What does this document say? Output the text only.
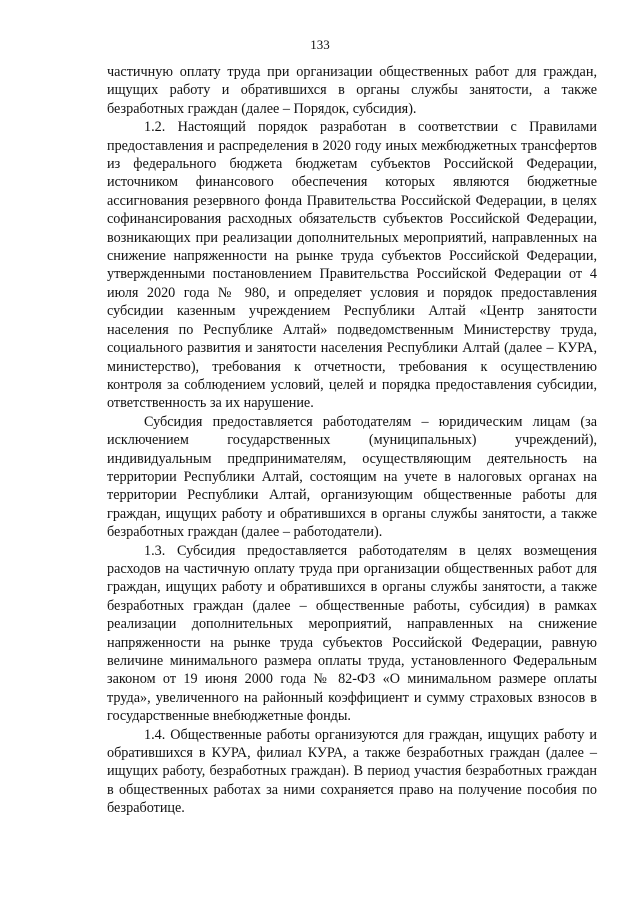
133

частичную оплату труда при организации общественных работ для граждан, ищущих работу и обратившихся в органы службы занятости, а также безработных граждан (далее – Порядок, субсидия).

1.2. Настоящий порядок разработан в соответствии с Правилами предоставления и распределения в 2020 году иных межбюджетных трансфертов из федерального бюджета бюджетам субъектов Российской Федерации, источником финансового обеспечения которых являются бюджетные ассигнования резервного фонда Правительства Российской Федерации, в целях софинансирования расходных обязательств субъектов Российской Федерации, возникающих при реализации дополнительных мероприятий, направленных на снижение напряженности на рынке труда субъектов Российской Федерации, утвержденными постановлением Правительства Российской Федерации от 4 июля 2020 года № 980, и определяет условия и порядок предоставления субсидии казенным учреждением Республики Алтай «Центр занятости населения по Республике Алтай» подведомственным Министерству труда, социального развития и занятости населения Республики Алтай (далее – КУРА, министерство), требования к отчетности, требования к осуществлению контроля за соблюдением условий, целей и порядка предоставления субсидии, ответственность за их нарушение.

Субсидия предоставляется работодателям – юридическим лицам (за исключением государственных (муниципальных) учреждений), индивидуальным предпринимателям, осуществляющим деятельность на территории Республики Алтай, состоящим на учете в налоговых органах на территории Республики Алтай, организующим общественные работы для граждан, ищущих работу и обратившихся в органы службы занятости, а также безработных граждан (далее – работодатели).

1.3. Субсидия предоставляется работодателям в целях возмещения расходов на частичную оплату труда при организации общественных работ для граждан, ищущих работу и обратившихся в органы службы занятости, а также безработных граждан (далее – общественные работы, субсидия) в рамках реализации дополнительных мероприятий, направленных на снижение напряженности на рынке труда субъектов Российской Федерации, равную величине минимального размера оплаты труда, установленного Федеральным законом от 19 июня 2000 года № 82-ФЗ «О минимальном размере оплаты труда», увеличенного на районный коэффициент и сумму страховых взносов в государственные внебюджетные фонды.

1.4. Общественные работы организуются для граждан, ищущих работу и обратившихся в КУРА, филиал КУРА, а также безработных граждан (далее – ищущих работу, безработных граждан). В период участия безработных граждан в общественных работах за ними сохраняется право на получение пособия по безработице.
